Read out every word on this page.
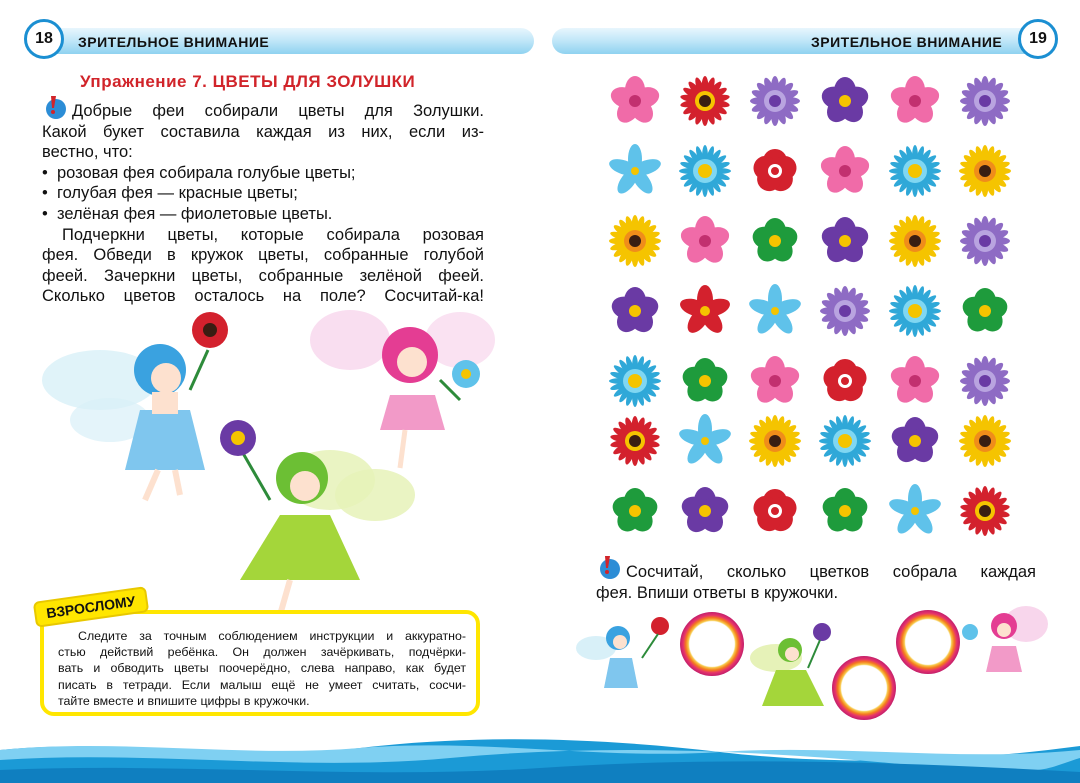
18	ЗРИТЕЛЬНОЕ ВНИМАНИЕ	ЗРИТЕЛЬНОЕ ВНИМАНИЕ	19
Упражнение 7. ЦВЕТЫ ДЛЯ ЗОЛУШКИ
Добрые феи собирали цветы для Золушки.
Какой букет составила каждая из них, если из-
вестно, что:
• розовая фея собирала голубые цветы;
• голубая фея — красные цветы;
• зелёная фея — фиолетовые цветы.
Подчеркни цветы, которые собирала розовая
фея. Обведи в кружок цветы, собранные голубой
феей. Зачеркни цветы, собранные зелёной феей.
Сколько цветов осталось на поле? Сосчитай-ка!
ВЗРОСЛОМУ
Следите за точным соблюдением инструкции и аккуратно-
стью действий ребёнка. Он должен зачёркивать, подчёрки-
вать и обводить цветы поочерёдно, слева направо, как будет
писать в тетради. Если малыш ещё не умеет считать, сосчи-
тайте вместе и впишите цифры в кружочки.
Сосчитай, сколько цветков собрала каждая
фея. Впиши ответы в кружочки.
